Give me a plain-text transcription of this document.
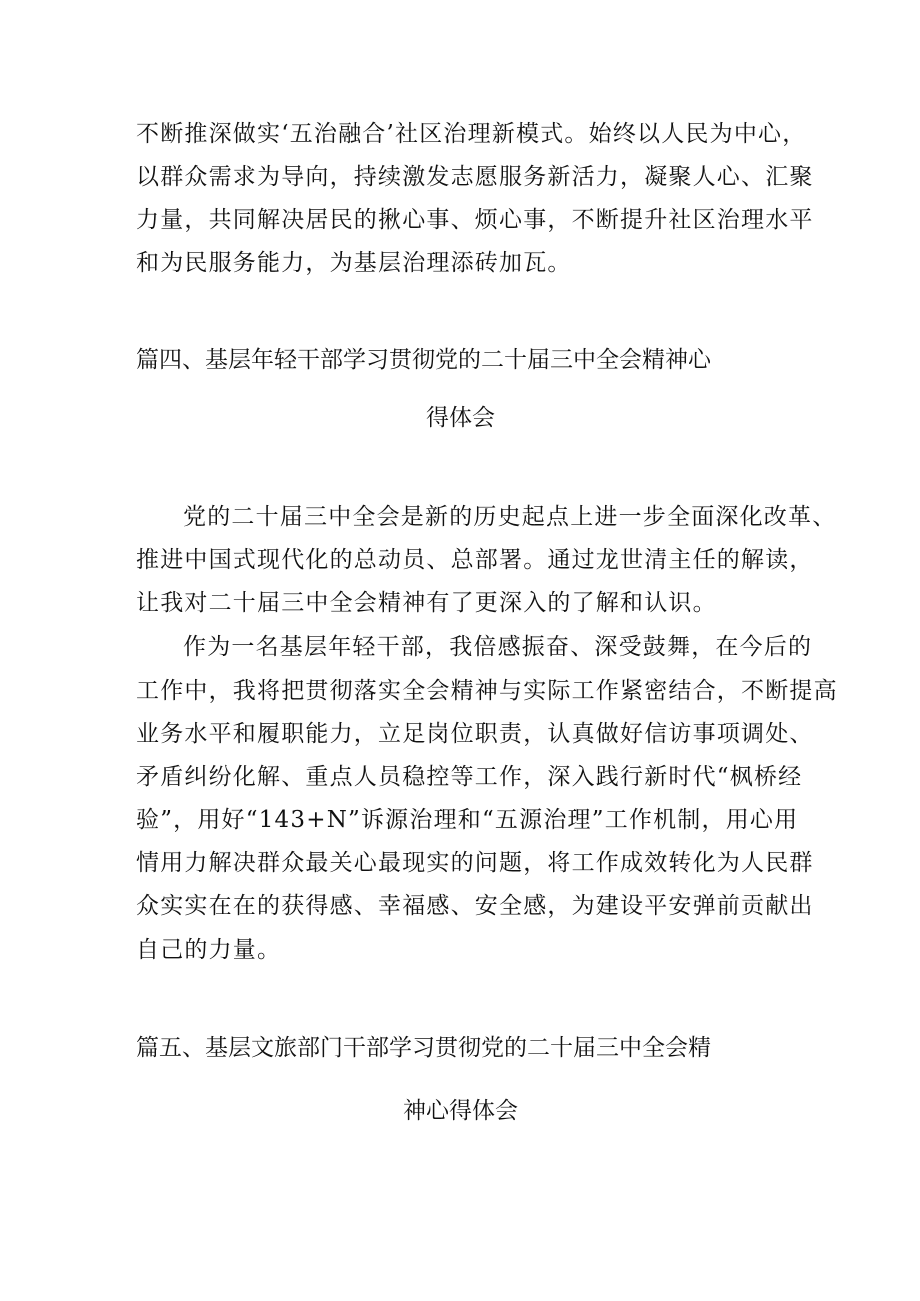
不断推深做实‘五治融合’社区治理新模式。始终以人民为中心，
以群众需求为导向，持续激发志愿服务新活力，凝聚人心、汇聚
力量，共同解决居民的揪心事、烦心事，不断提升社区治理水平
和为民服务能力，为基层治理添砖加瓦。
篇四、基层年轻干部学习贯彻党的二十届三中全会精神心
得体会
党的二十届三中全会是新的历史起点上进一步全面深化改革、
推进中国式现代化的总动员、总部署。通过龙世清主任的解读，
让我对二十届三中全会精神有了更深入的了解和认识。
作为一名基层年轻干部，我倍感振奋、深受鼓舞，在今后的
工作中，我将把贯彻落实全会精神与实际工作紧密结合，不断提高
业务水平和履职能力，立足岗位职责，认真做好信访事项调处、
矛盾纠纷化解、重点人员稳控等工作，深入践行新时代“枫桥经
验”，用好“143+N”诉源治理和“五源治理”工作机制，用心用
情用力解决群众最关心最现实的问题，将工作成效转化为人民群
众实实在在的获得感、幸福感、安全感，为建设平安弹前贡献出
自己的力量。
篇五、基层文旅部门干部学习贯彻党的二十届三中全会精
神心得体会
